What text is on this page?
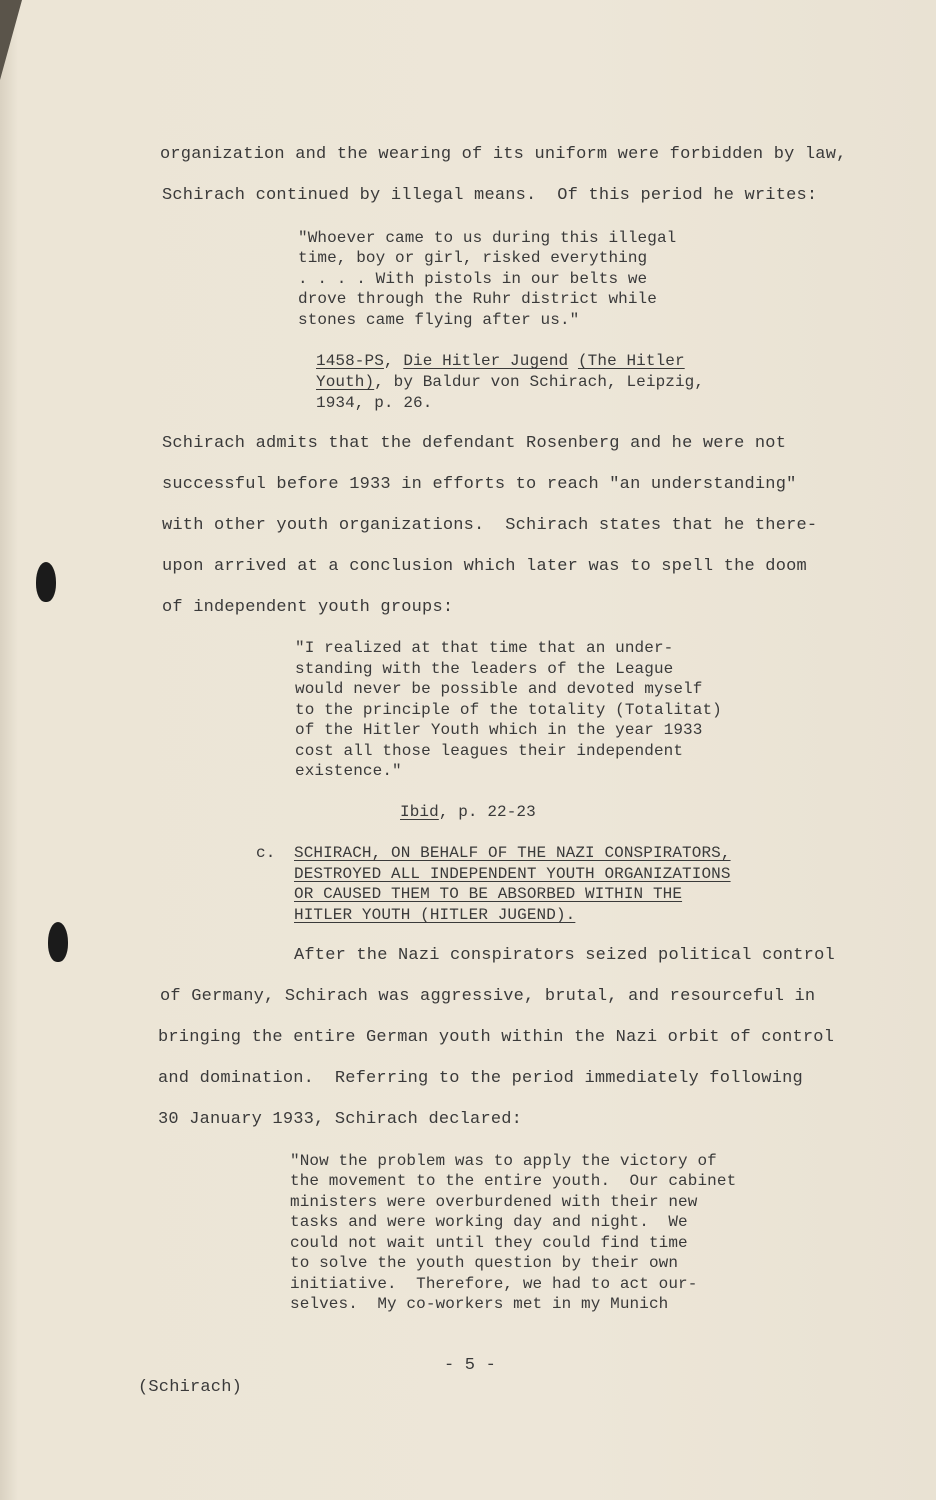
organization and the wearing of its uniform were forbidden by law,
Schirach continued by illegal means.  Of this period he writes:
"Whoever came to us during this illegal
time, boy or girl, risked everything
. . . . With pistols in our belts we
drove through the Ruhr district while
stones came flying after us."
1458-PS, Die Hitler Jugend (The Hitler
Youth), by Baldur von Schirach, Leipzig,
1934, p. 26.
Schirach admits that the defendant Rosenberg and he were not
successful before 1933 in efforts to reach "an understanding"
with other youth organizations.  Schirach states that he there-
upon arrived at a conclusion which later was to spell the doom
of independent youth groups:
"I realized at that time that an under-
standing with the leaders of the League
would never be possible and devoted myself
to the principle of the totality (Totalitat)
of the Hitler Youth which in the year 1933
cost all those leagues their independent
existence."
Ibid, p. 22-23
c. SCHIRACH, ON BEHALF OF THE NAZI CONSPIRATORS,
DESTROYED ALL INDEPENDENT YOUTH ORGANIZATIONS
OR CAUSED THEM TO BE ABSORBED WITHIN THE
HITLER YOUTH (HITLER JUGEND).
After the Nazi conspirators seized political control
of Germany, Schirach was aggressive, brutal, and resourceful in
bringing the entire German youth within the Nazi orbit of control
and domination.  Referring to the period immediately following
30 January 1933, Schirach declared:
"Now the problem was to apply the victory of
the movement to the entire youth.  Our cabinet
ministers were overburdened with their new
tasks and were working day and night.  We
could not wait until they could find time
to solve the youth question by their own
initiative.  Therefore, we had to act our-
selves.  My co-workers met in my Munich
- 5 -
(Schirach)
